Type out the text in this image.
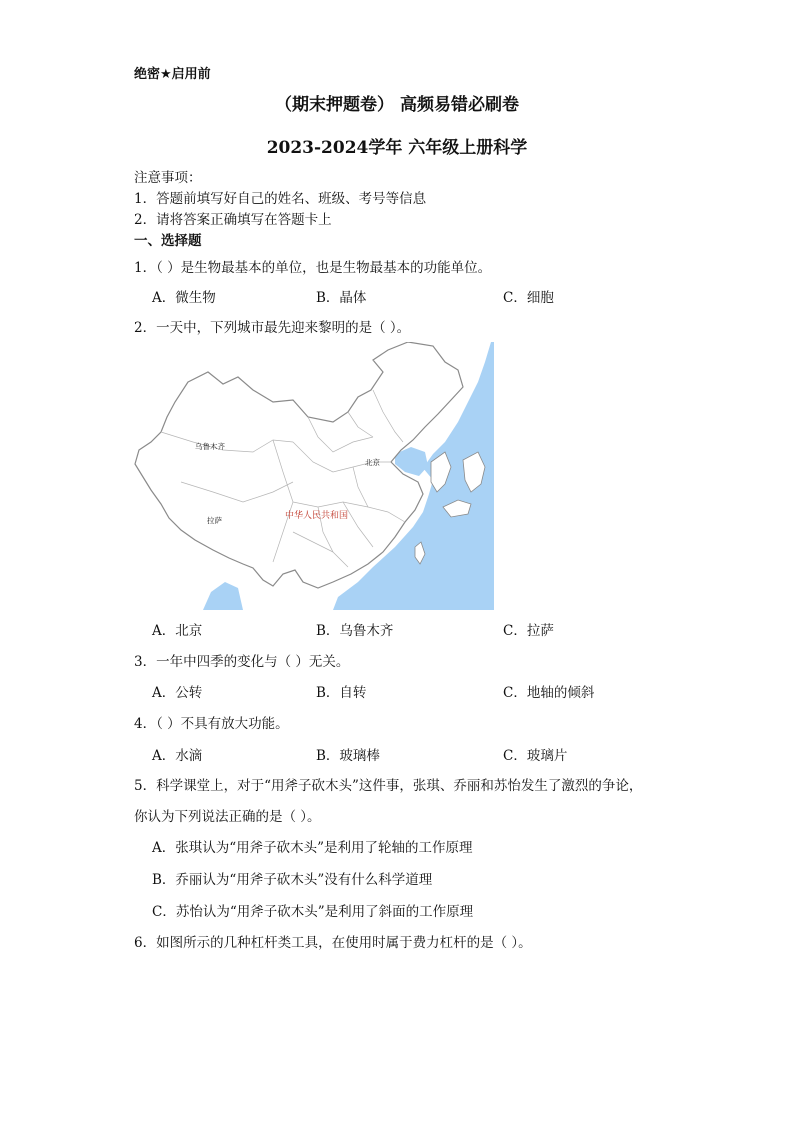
绝密★启用前
（期末押题卷） 高频易错必刷卷
2023-2024学年 六年级上册科学
注意事项：
1．答题前填写好自己的姓名、班级、考号等信息
2．请将答案正确填写在答题卡上
一、选择题
1．（ ）是生物最基本的单位，也是生物最基本的功能单位。
A．微生物	B．晶体	C．细胞
2．一天中，下列城市最先迎来黎明的是（ ）。
乌鲁木齐
北京
拉萨	中华人民共和国
A．北京	B．乌鲁木齐	C．拉萨
3．一年中四季的变化与（ ）无关。
A．公转	B．自转	C．地轴的倾斜
4．（ ）不具有放大功能。
A．水滴	B．玻璃棒	C．玻璃片
5．科学课堂上，对于“用斧子砍木头”这件事，张琪、乔丽和苏怡发生了激烈的争论，
你认为下列说法正确的是（ ）。
A．张琪认为“用斧子砍木头”是利用了轮轴的工作原理
B．乔丽认为“用斧子砍木头”没有什么科学道理
C．苏怡认为“用斧子砍木头”是利用了斜面的工作原理
6．如图所示的几种杠杆类工具，在使用时属于费力杠杆的是（ ）。
